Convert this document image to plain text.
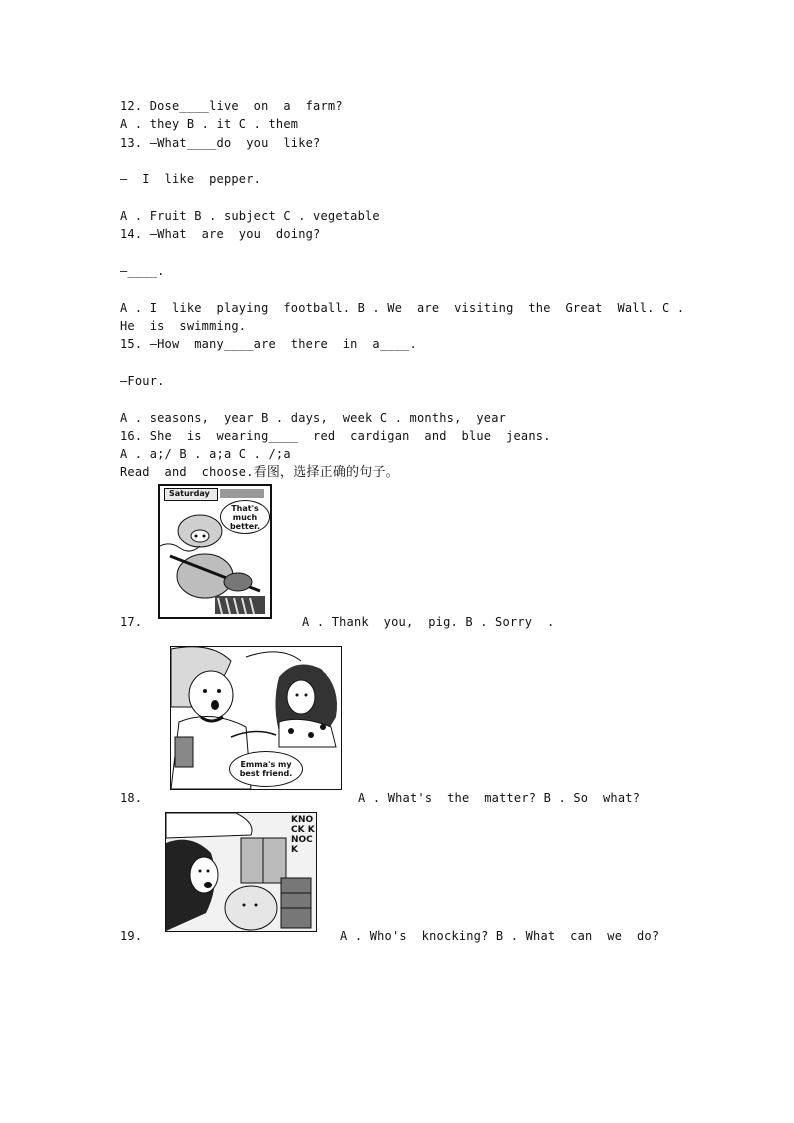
12. Dose____live  on  a  farm?
A . they B . it C . them
13. —What____do  you  like?
—  I  like  pepper.
A . Fruit B . subject C . vegetable
14. —What  are  you  doing?
—____.
A . I  like  playing  football. B . We  are  visiting  the  Great  Wall. C .
He  is  swimming.
15. —How  many____are  there  in  a____.
—Four.
A . seasons,  year B . days,  week C . months,  year
16. She  is  wearing____  red  cardigan  and  blue  jeans.
A . a;/ B . a;a C . /;a
Read  and  choose.看图，选择正确的句子。
Saturday
That's much better.
17.	A . Thank  you,  pig. B . Sorry  .
Emma's my best friend.
18.	A . What's  the  matter? B . So  what?
KNOCK KNOCK
19.	A . Who's  knocking? B . What  can  we  do?
